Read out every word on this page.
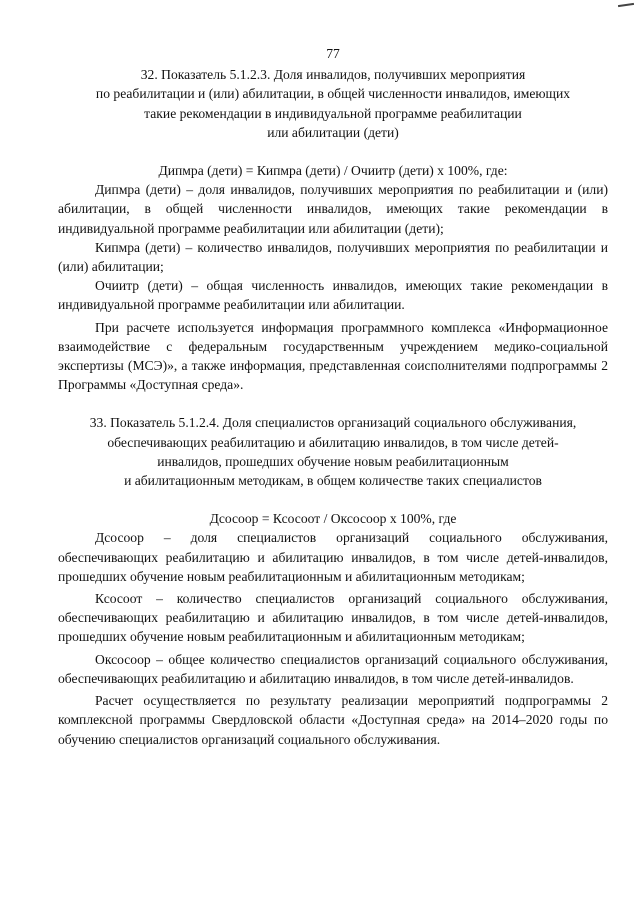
77

32. Показатель 5.1.2.3. Доля инвалидов, получивших мероприятия

по реабилитации и (или) абилитации, в общей численности инвалидов, имеющих

такие рекомендации в индивидуальной программе реабилитации

или абилитации (дети)

Дипмра (дети) = Кипмра (дети) / Очиитр (дети) х 100%, где:

Дипмра (дети) – доля инвалидов, получивших мероприятия по реабилитации и (или) абилитации, в общей численности инвалидов, имеющих такие рекомендации в индивидуальной программе реабилитации или абилитации (дети);

Кипмра (дети) – количество инвалидов, получивших мероприятия по реабилитации и (или) абилитации;

Очиитр (дети) – общая численность инвалидов, имеющих такие рекомендации в индивидуальной программе реабилитации или абилитации.

При расчете используется информация программного комплекса «Информационное взаимодействие с федеральным государственным учреждением медико-социальной экспертизы (МСЭ)», а также информация, представленная соисполнителями подпрограммы 2 Программы «Доступная среда».

33. Показатель 5.1.2.4. Доля специалистов организаций социального обслуживания,

обеспечивающих реабилитацию и абилитацию инвалидов, в том числе детей-

инвалидов, прошедших обучение новым реабилитационным

и абилитационным методикам, в общем количестве таких специалистов

Дсосоор = Ксосоот / Оксосоор х 100%, где

Дсосоор – доля специалистов организаций социального обслуживания, обеспечивающих реабилитацию и абилитацию инвалидов, в том числе детей-инвалидов, прошедших обучение новым реабилитационным и абилитационным методикам;

Ксосоот – количество специалистов организаций социального обслуживания, обеспечивающих реабилитацию и абилитацию инвалидов, в том числе детей-инвалидов, прошедших обучение новым реабилитационным и абилитационным методикам;

Оксосоор – общее количество специалистов организаций социального обслуживания, обеспечивающих реабилитацию и абилитацию инвалидов, в том числе детей-инвалидов.

Расчет осуществляется по результату реализации мероприятий подпрограммы 2 комплексной программы Свердловской области «Доступная среда» на 2014–2020 годы по обучению специалистов организаций социального обслуживания.
